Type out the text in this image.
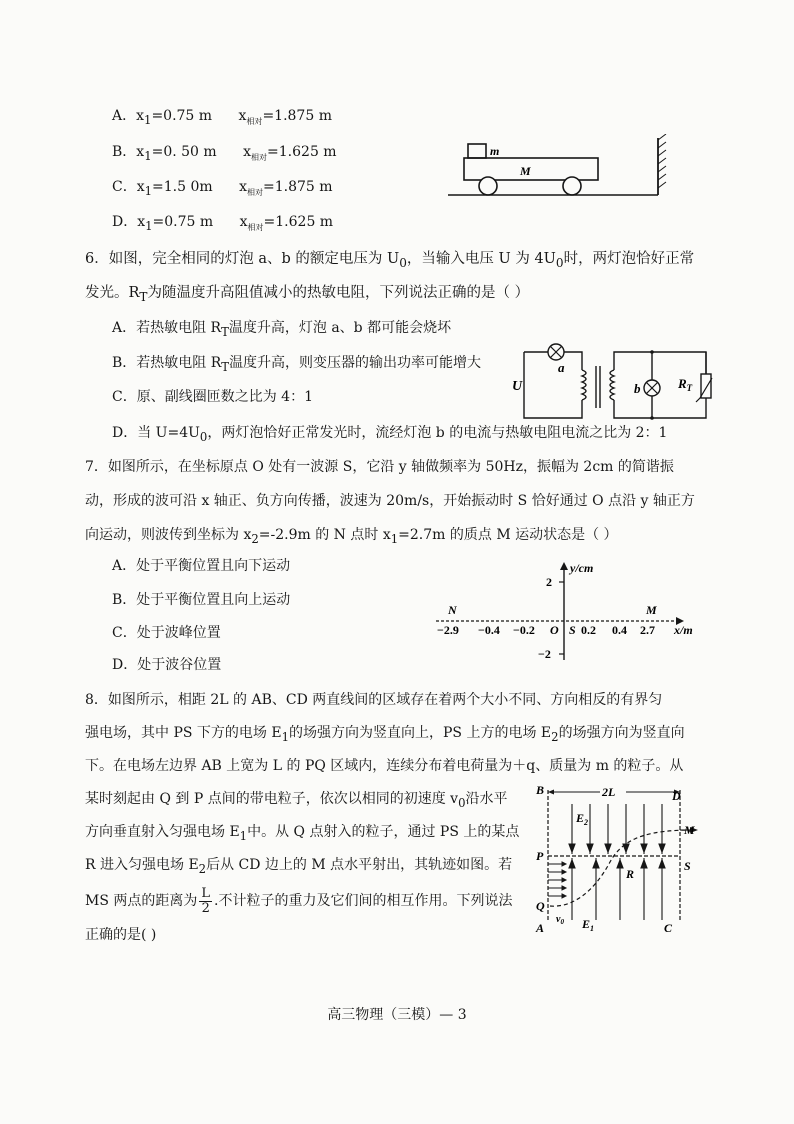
A．$x_1=0.75$ m $x_{相对}=1.875$ m
B．$x_1=0$. 50 m $x_{相对}=1.625$ m
C．$x_1=1.5$ 0m $x_{相对}=1.875$ m
D．$x_1=0.75$ m $x_{相对}=1.625$ m
m
M
6．如图，完全相同的灯泡 a、b 的额定电压为 $U_0$，当输入电压 U 为 $4U_0$时，两灯泡恰好正常
发光。$R_T$为随温度升高阻值减小的热敏电阻，下列说法正确的是（ ）
A．若热敏电阻 $R_T$温度升高，灯泡 a、b 都可能会烧坏
B．若热敏电阻 $R_T$温度升高，则变压器的输出功率可能增大
C．原、副线圈匝数之比为 4：1
D．当 $U=4U_0$，两灯泡恰好正常发光时，流经灯泡 b 的电流与热敏电阻电流之比为 2：1
U
a
b	$R_T$
7．如图所示，在坐标原点 O 处有一波源 S，它沿 y 轴做频率为 50Hz，振幅为 2cm 的简谐振
动，形成的波可沿 x 轴正、负方向传播，波速为 20m/s，开始振动时 S 恰好通过 O 点沿 y 轴正方
向运动，则波传到坐标为 $x_2=-2.9m$ 的 N 点时 $x_1=2.7m$ 的质点 M 运动状态是（ ）
A．处于平衡位置且向下运动
B．处于平衡位置且向上运动
C．处于波峰位置
D．处于波谷位置
y/cm
2
−2
N	M
x/m
−2.9 −0.4 −0.2 O S 0.2 0.4 2.7
8．如图所示，相距 2L 的 AB、CD 两直线间的区域存在着两个大小不同、方向相反的有界匀
强电场，其中 PS 下方的电场 $E_1$的场强方向为竖直向上，PS 上方的电场 $E_2$的场强方向为竖直向
下。在电场左边界 AB 上宽为 L 的 PQ 区域内，连续分布着电荷量为＋q、质量为 m 的粒子。从
某时刻起由 Q 到 P 点间的带电粒子，依次以相同的初速度 $v_0$沿水平
方向垂直射入匀强电场 $E_1$中。从 Q 点射入的粒子，通过 PS 上的某点
R 进入匀强电场 $E_2$后从 CD 边上的 M 点水平射出，其轨迹如图。若
MS 两点的距离为 $\frac{L}{2}$ .不计粒子的重力及它们间的相互作用。下列说法
正确的是( )
2L
B	D
$E_2$
M
P
S
R
Q
$v_0$ $E_1$
A	C
高三物理（三模）— 3
